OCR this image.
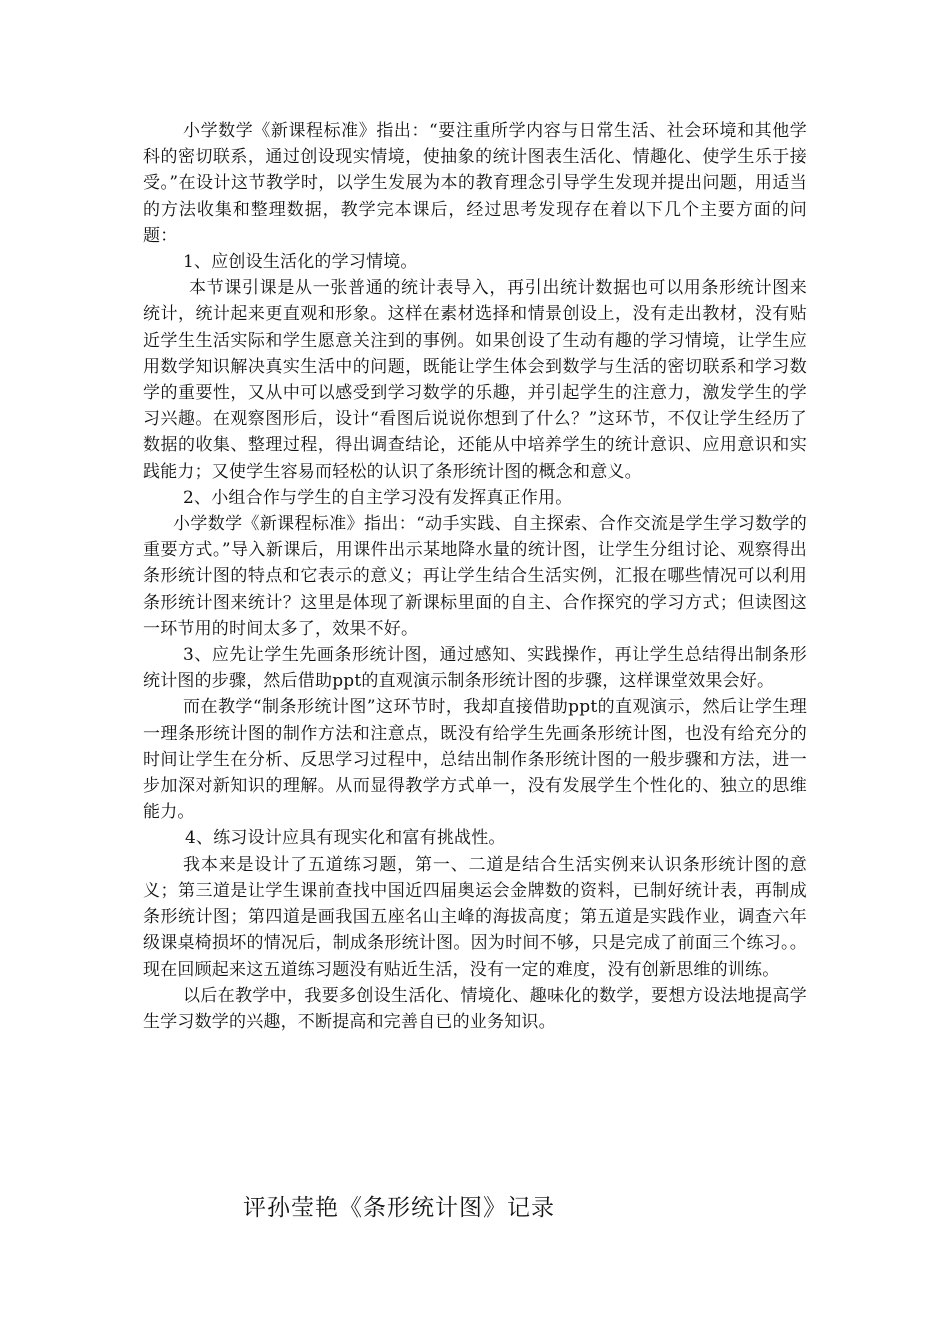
小学数学《新课程标准》指出：“要注重所学内容与日常生活、社会环境和其他学科的密切联系，通过创设现实情境，使抽象的统计图表生活化、情趣化、使学生乐于接受。”在设计这节教学时，以学生发展为本的教育理念引导学生发现并提出问题，用适当的方法收集和整理数据，教学完本课后，经过思考发现存在着以下几个主要方面的问题：

1、应创设生活化的学习情境。

本节课引课是从一张普通的统计表导入，再引出统计数据也可以用条形统计图来统计，统计起来更直观和形象。这样在素材选择和情景创设上，没有走出教材，没有贴近学生生活实际和学生愿意关注到的事例。如果创设了生动有趣的学习情境，让学生应用数学知识解决真实生活中的问题，既能让学生体会到数学与生活的密切联系和学习数学的重要性，又从中可以感受到学习数学的乐趣，并引起学生的注意力，激发学生的学习兴趣。在观察图形后，设计“看图后说说你想到了什么？”这环节，不仅让学生经历了数据的收集、整理过程，得出调查结论，还能从中培养学生的统计意识、应用意识和实践能力；又使学生容易而轻松的认识了条形统计图的概念和意义。

2、小组合作与学生的自主学习没有发挥真正作用。

小学数学《新课程标准》指出：“动手实践、自主探索、合作交流是学生学习数学的重要方式。”导入新课后，用课件出示某地降水量的统计图，让学生分组讨论、观察得出条形统计图的特点和它表示的意义；再让学生结合生活实例，汇报在哪些情况可以利用条形统计图来统计？这里是体现了新课标里面的自主、合作探究的学习方式；但读图这一环节用的时间太多了，效果不好。

3、应先让学生先画条形统计图，通过感知、实践操作，再让学生总结得出制条形统计图的步骤，然后借助ppt的直观演示制条形统计图的步骤，这样课堂效果会好。

而在教学“制条形统计图”这环节时，我却直接借助ppt的直观演示，然后让学生理一理条形统计图的制作方法和注意点，既没有给学生先画条形统计图，也没有给充分的时间让学生在分析、反思学习过程中，总结出制作条形统计图的一般步骤和方法，进一步加深对新知识的理解。从而显得教学方式单一，没有发展学生个性化的、独立的思维能力。

4、练习设计应具有现实化和富有挑战性。

我本来是设计了五道练习题，第一、二道是结合生活实例来认识条形统计图的意义；第三道是让学生课前查找中国近四届奥运会金牌数的资料，已制好统计表，再制成条形统计图；第四道是画我国五座名山主峰的海拔高度；第五道是实践作业，调查六年级课桌椅损坏的情况后，制成条形统计图。因为时间不够，只是完成了前面三个练习。。现在回顾起来这五道练习题没有贴近生活，没有一定的难度，没有创新思维的训练。

以后在教学中，我要多创设生活化、情境化、趣味化的数学，要想方设法地提高学生学习数学的兴趣，不断提高和完善自已的业务知识。

评孙莹艳《条形统计图》记录
